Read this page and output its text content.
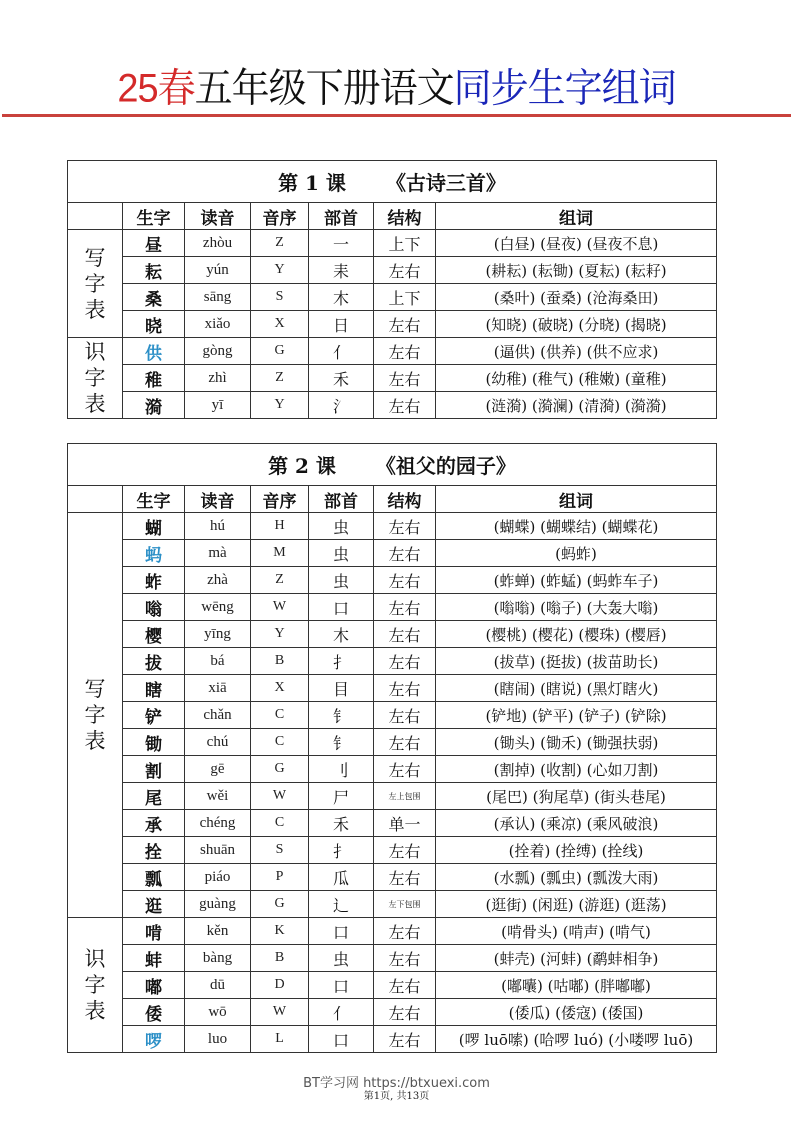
25春五年级下册语文同步生字组词
第 1 课 《古诗三首》						
	生字	读音	音序	部首	结构	组词

写
字
表	昼	zhòu	Z	一	上下	(白昼) (昼夜) (昼夜不息)
	耘	yún	Y	耒	左右	(耕耘) (耘锄) (夏耘) (耘耔)
	桑	sāng	S	木	上下	(桑叶) (蚕桑) (沧海桑田)
	晓	xiǎo	X	日	左右	(知晓) (破晓) (分晓) (揭晓)

识
字
表	供	gòng	G	亻	左右	(逼供) (供养) (供不应求)
	稚	zhì	Z	禾	左右	(幼稚) (稚气) (稚嫩) (童稚)
	漪	yī	Y	氵	左右	(涟漪) (漪澜) (清漪) (漪漪)
第 2 课 《祖父的园子》						
	生字	读音	音序	部首	结构	组词

写
字
表	蝴	hú	H	虫	左右	(蝴蝶) (蝴蝶结) (蝴蝶花)
	蚂	mà	M	虫	左右	(蚂蚱)
	蚱	zhà	Z	虫	左右	(蚱蝉) (蚱蜢) (蚂蚱车子)
	嗡	wēng	W	口	左右	(嗡嗡) (嗡子) (大轰大嗡)
	樱	yīng	Y	木	左右	(樱桃) (樱花) (樱珠) (樱唇)
	拔	bá	B	扌	左右	(拔草) (挺拔) (拔苗助长)
	瞎	xiā	X	目	左右	(瞎闹) (瞎说) (黑灯瞎火)
	铲	chǎn	C	钅	左右	(铲地) (铲平) (铲子) (铲除)
	锄	chú	C	钅	左右	(锄头) (锄禾) (锄强扶弱)
	割	gē	G	刂	左右	(割掉) (收割) (心如刀割)
	尾	wěi	W	尸	左上包围	(尾巴) (狗尾草) (街头巷尾)
	承	chéng	C	禾	单一	(承认) (乘凉) (乘风破浪)
	拴	shuān	S	扌	左右	(拴着) (拴缚) (拴线)
	瓢	piáo	P	瓜	左右	(水瓢) (瓢虫) (瓢泼大雨)
	逛	guàng	G	辶	左下包围	(逛街) (闲逛) (游逛) (逛荡)

识
字
表	啃	kěn	K	口	左右	(啃骨头) (啃声) (啃气)
	蚌	bàng	B	虫	左右	(蚌壳) (河蚌) (鹬蚌相争)
	嘟	dū	D	口	左右	(嘟囔) (咕嘟) (胖嘟嘟)
	倭	wō	W	亻	左右	(倭瓜) (倭寇) (倭国)
	啰	luo	L	口	左右	(啰 luō嗦) (哈啰 luó) (小喽啰 luō)
BT学习网 https://btxuexi.com
第1页, 共13页
